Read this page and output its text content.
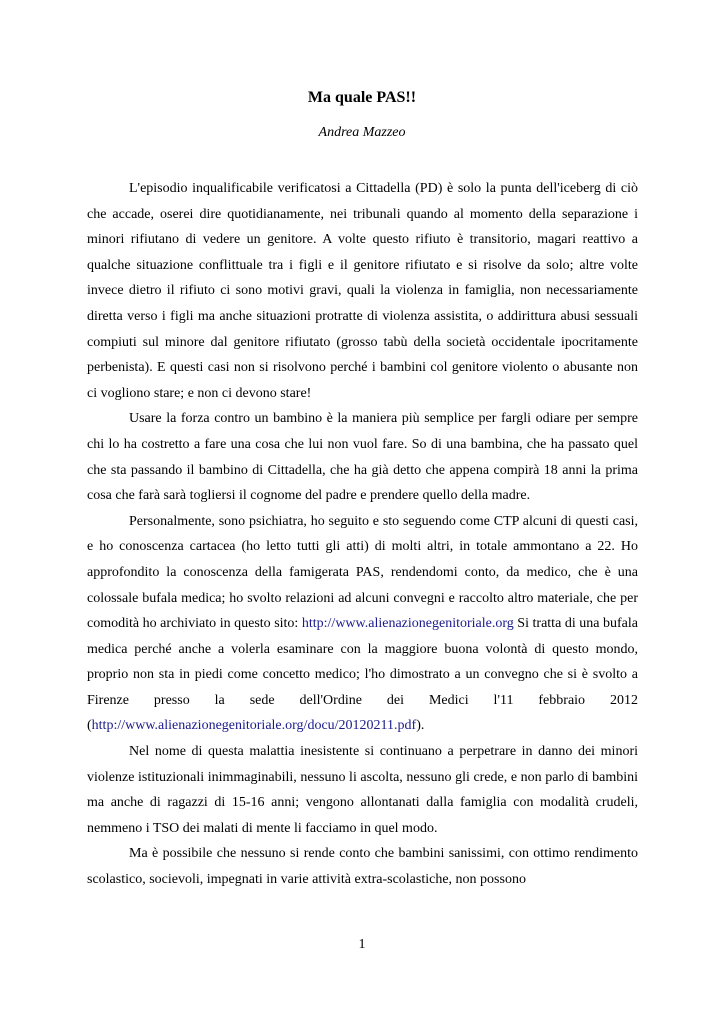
Ma quale PAS!!

Andrea Mazzeo

L'episodio inqualificabile verificatosi a Cittadella (PD) è solo la punta dell'iceberg di ciò che accade, oserei dire quotidianamente, nei tribunali quando al momento della separazione i minori rifiutano di vedere un genitore. A volte questo rifiuto è transitorio, magari reattivo a qualche situazione conflittuale tra i figli e il genitore rifiutato e si risolve da solo; altre volte invece dietro il rifiuto ci sono motivi gravi, quali la violenza in famiglia, non necessariamente diretta verso i figli ma anche situazioni protratte di violenza assistita, o addirittura abusi sessuali compiuti sul minore dal genitore rifiutato (grosso tabù della società occidentale ipocritamente perbenista). E questi casi non si risolvono perché i bambini col genitore violento o abusante non ci vogliono stare; e non ci devono stare!

Usare la forza contro un bambino è la maniera più semplice per fargli odiare per sempre chi lo ha costretto a fare una cosa che lui non vuol fare. So di una bambina, che ha passato quel che sta passando il bambino di Cittadella, che ha già detto che appena compirà 18 anni la prima cosa che farà sarà togliersi il cognome del padre e prendere quello della madre.

Personalmente, sono psichiatra, ho seguito e sto seguendo come CTP alcuni di questi casi, e ho conoscenza cartacea (ho letto tutti gli atti) di molti altri, in totale ammontano a 22. Ho approfondito la conoscenza della famigerata PAS, rendendomi conto, da medico, che è una colossale bufala medica; ho svolto relazioni ad alcuni convegni e raccolto altro materiale, che per comodità ho archiviato in questo sito: http://www.alienazionegenitoriale.org Si tratta di una bufala medica perché anche a volerla esaminare con la maggiore buona volontà di questo mondo, proprio non sta in piedi come concetto medico; l'ho dimostrato a un convegno che si è svolto a Firenze presso la sede dell'Ordine dei Medici l'11 febbraio 2012 (http://www.alienazionegenitoriale.org/docu/20120211.pdf).

Nel nome di questa malattia inesistente si continuano a perpetrare in danno dei minori violenze istituzionali inimmaginabili, nessuno li ascolta, nessuno gli crede, e non parlo di bambini ma anche di ragazzi di 15-16 anni; vengono allontanati dalla famiglia con modalità crudeli, nemmeno i TSO dei malati di mente li facciamo in quel modo.

Ma è possibile che nessuno si rende conto che bambini sanissimi, con ottimo rendimento scolastico, socievoli, impegnati in varie attività extra-scolastiche, non possono

1
